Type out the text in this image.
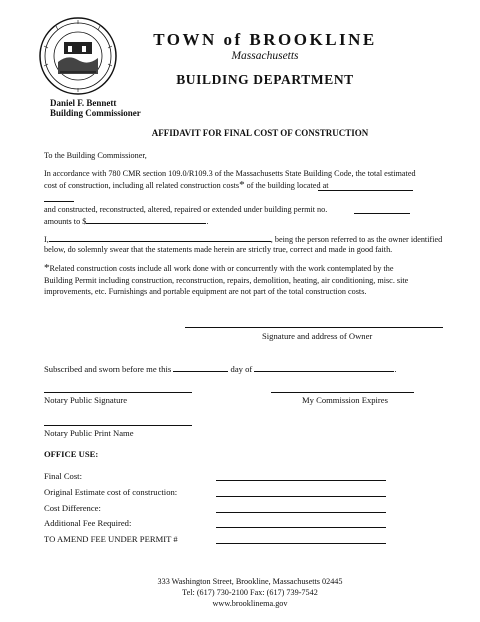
TOWN of BROOKLINE
Massachusetts
BUILDING DEPARTMENT
Daniel F. Bennett
Building Commissioner
AFFIDAVIT FOR FINAL COST OF CONSTRUCTION
To the Building Commissioner,
In accordance with 780 CMR section 109.0/R109.3 of the Massachusetts State Building Code, the total estimated
cost of construction, including all related construction costs* of the building located at
and constructed, reconstructed, altered, repaired or extended under building permit no.
amounts to $	.
I,	, being the person referred to as the owner identified
below, do solemnly swear that the statements made herein are strictly true, correct and made in good faith.
*Related construction costs include all work done with or concurrently with the work contemplated by the
Building Permit including construction, reconstruction, repairs, demolition, heating, air conditioning, misc. site
improvements, etc. Furnishings and portable equipment are not part of the total construction costs.
Signature and address of Owner
Subscribed and sworn before me this	day of	.
Notary Public Signature	My Commission Expires
Notary Public Print Name
OFFICE USE:
Final Cost:
Original Estimate cost of construction:
Cost Difference:
Additional Fee Required:
TO AMEND FEE UNDER PERMIT #
333 Washington Street, Brookline, Massachusetts 02445
Tel: (617) 730-2100 Fax: (617) 739-7542
www.brooklinema.gov
